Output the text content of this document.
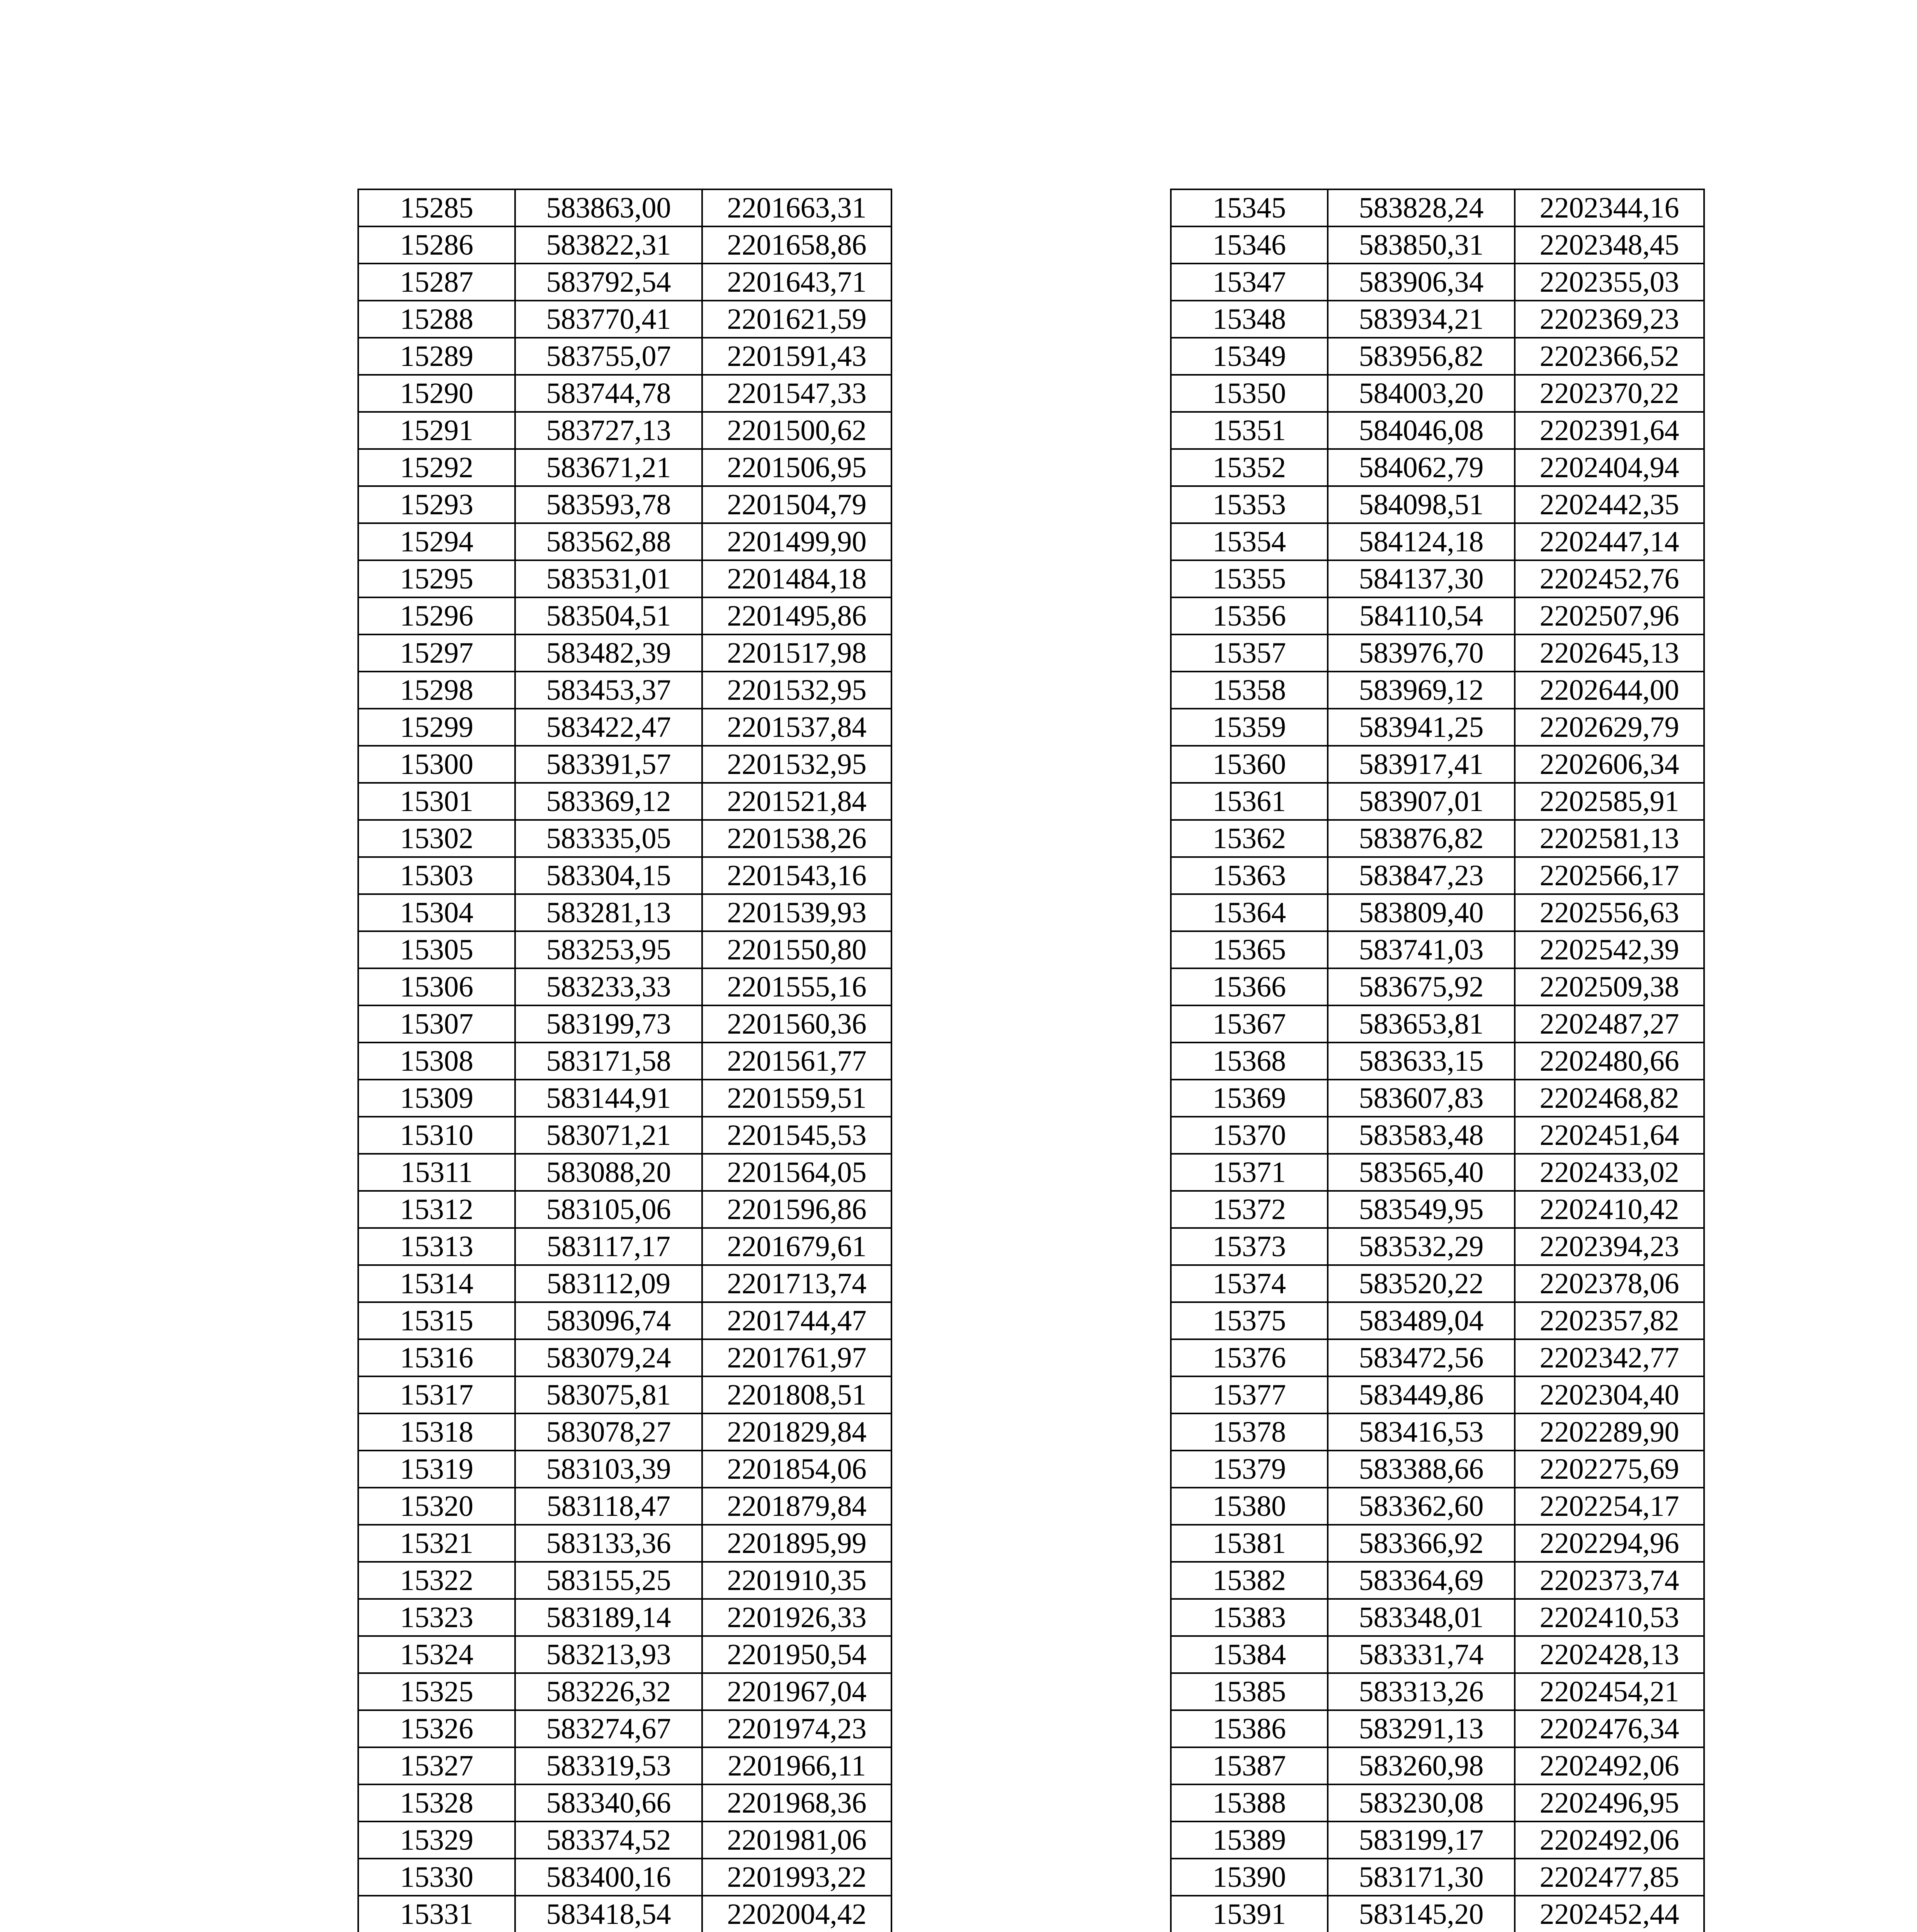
15285	583863,00	2201663,31
15286	583822,31	2201658,86
15287	583792,54	2201643,71
15288	583770,41	2201621,59
15289	583755,07	2201591,43
15290	583744,78	2201547,33
15291	583727,13	2201500,62
15292	583671,21	2201506,95
15293	583593,78	2201504,79
15294	583562,88	2201499,90
15295	583531,01	2201484,18
15296	583504,51	2201495,86
15297	583482,39	2201517,98
15298	583453,37	2201532,95
15299	583422,47	2201537,84
15300	583391,57	2201532,95
15301	583369,12	2201521,84
15302	583335,05	2201538,26
15303	583304,15	2201543,16
15304	583281,13	2201539,93
15305	583253,95	2201550,80
15306	583233,33	2201555,16
15307	583199,73	2201560,36
15308	583171,58	2201561,77
15309	583144,91	2201559,51
15310	583071,21	2201545,53
15311	583088,20	2201564,05
15312	583105,06	2201596,86
15313	583117,17	2201679,61
15314	583112,09	2201713,74
15315	583096,74	2201744,47
15316	583079,24	2201761,97
15317	583075,81	2201808,51
15318	583078,27	2201829,84
15319	583103,39	2201854,06
15320	583118,47	2201879,84
15321	583133,36	2201895,99
15322	583155,25	2201910,35
15323	583189,14	2201926,33
15324	583213,93	2201950,54
15325	583226,32	2201967,04
15326	583274,67	2201974,23
15327	583319,53	2201966,11
15328	583340,66	2201968,36
15329	583374,52	2201981,06
15330	583400,16	2201993,22
15331	583418,54	2202004,42

15345	583828,24	2202344,16
15346	583850,31	2202348,45
15347	583906,34	2202355,03
15348	583934,21	2202369,23
15349	583956,82	2202366,52
15350	584003,20	2202370,22
15351	584046,08	2202391,64
15352	584062,79	2202404,94
15353	584098,51	2202442,35
15354	584124,18	2202447,14
15355	584137,30	2202452,76
15356	584110,54	2202507,96
15357	583976,70	2202645,13
15358	583969,12	2202644,00
15359	583941,25	2202629,79
15360	583917,41	2202606,34
15361	583907,01	2202585,91
15362	583876,82	2202581,13
15363	583847,23	2202566,17
15364	583809,40	2202556,63
15365	583741,03	2202542,39
15366	583675,92	2202509,38
15367	583653,81	2202487,27
15368	583633,15	2202480,66
15369	583607,83	2202468,82
15370	583583,48	2202451,64
15371	583565,40	2202433,02
15372	583549,95	2202410,42
15373	583532,29	2202394,23
15374	583520,22	2202378,06
15375	583489,04	2202357,82
15376	583472,56	2202342,77
15377	583449,86	2202304,40
15378	583416,53	2202289,90
15379	583388,66	2202275,69
15380	583362,60	2202254,17
15381	583366,92	2202294,96
15382	583364,69	2202373,74
15383	583348,01	2202410,53
15384	583331,74	2202428,13
15385	583313,26	2202454,21
15386	583291,13	2202476,34
15387	583260,98	2202492,06
15388	583230,08	2202496,95
15389	583199,17	2202492,06
15390	583171,30	2202477,85
15391	583145,20	2202452,44
